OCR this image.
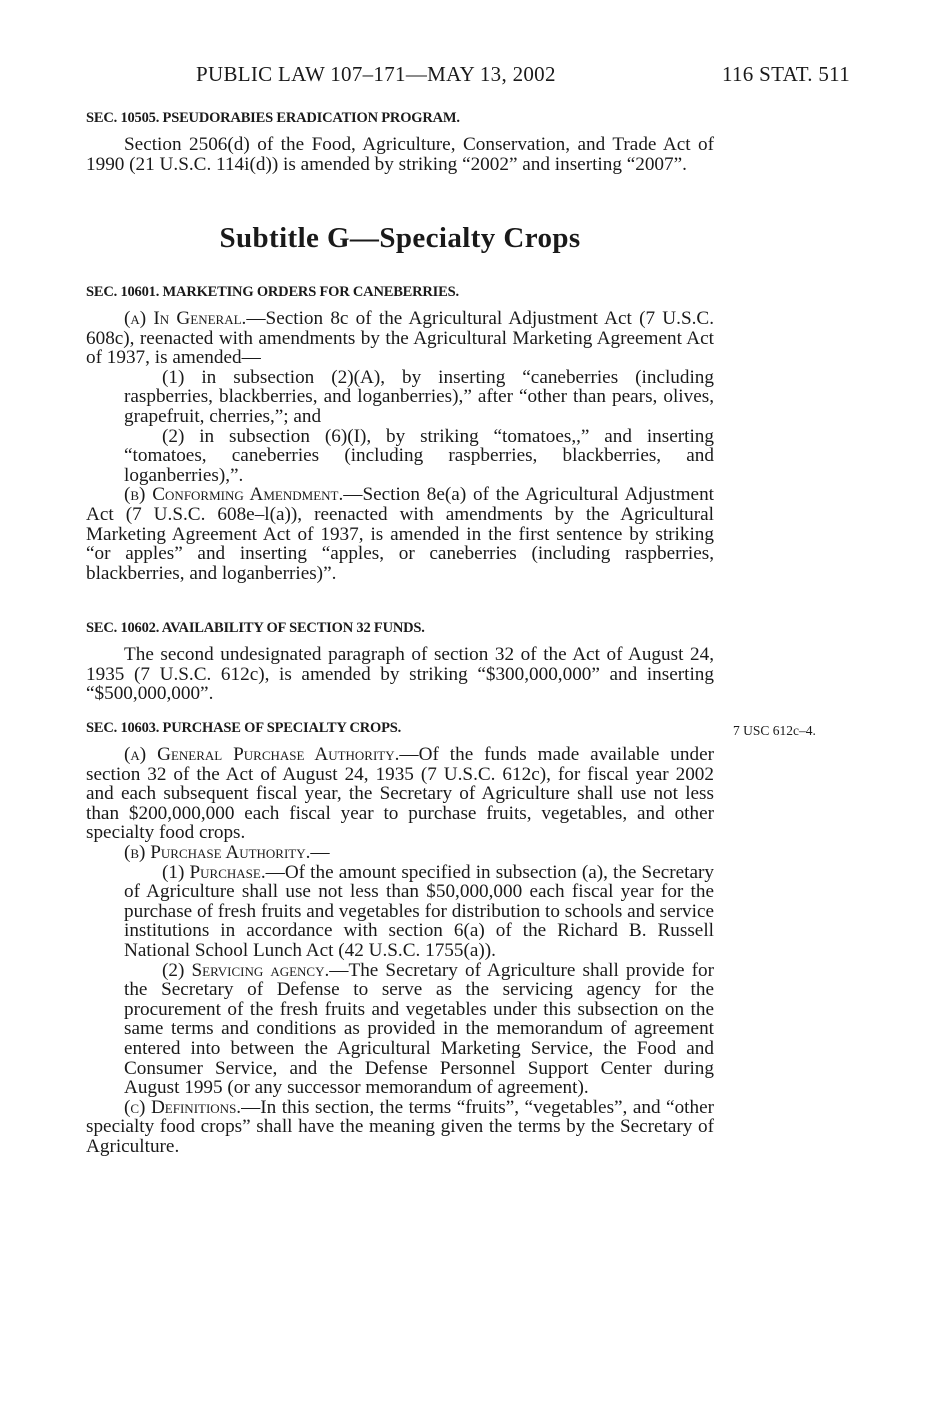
PUBLIC LAW 107–171—MAY 13, 2002	116 STAT. 511

SEC. 10505. PSEUDORABIES ERADICATION PROGRAM.

Section 2506(d) of the Food, Agriculture, Conservation, and Trade Act of 1990 (21 U.S.C. 114i(d)) is amended by striking “2002” and inserting “2007”.

Subtitle G—Specialty Crops

SEC. 10601. MARKETING ORDERS FOR CANEBERRIES.

(a) In General.—Section 8c of the Agricultural Adjustment Act (7 U.S.C. 608c), reenacted with amendments by the Agricultural Marketing Agreement Act of 1937, is amended—

(1) in subsection (2)(A), by inserting “caneberries (including raspberries, blackberries, and loganberries),” after “other than pears, olives, grapefruit, cherries,”; and

(2) in subsection (6)(I), by striking “tomatoes,,” and inserting “tomatoes, caneberries (including raspberries, blackberries, and loganberries),”.

(b) Conforming Amendment.—Section 8e(a) of the Agricultural Adjustment Act (7 U.S.C. 608e–l(a)), reenacted with amendments by the Agricultural Marketing Agreement Act of 1937, is amended in the first sentence by striking “or apples” and inserting “apples, or caneberries (including raspberries, blackberries, and loganberries)”.

SEC. 10602. AVAILABILITY OF SECTION 32 FUNDS.

The second undesignated paragraph of section 32 of the Act of August 24, 1935 (7 U.S.C. 612c), is amended by striking “$300,000,000” and inserting “$500,000,000”.

7 USC 612c–4.

SEC. 10603. PURCHASE OF SPECIALTY CROPS.

(a) General Purchase Authority.—Of the funds made available under section 32 of the Act of August 24, 1935 (7 U.S.C. 612c), for fiscal year 2002 and each subsequent fiscal year, the Secretary of Agriculture shall use not less than $200,000,000 each fiscal year to purchase fruits, vegetables, and other specialty food crops.

(b) Purchase Authority.—

(1) Purchase.—Of the amount specified in subsection (a), the Secretary of Agriculture shall use not less than $50,000,000 each fiscal year for the purchase of fresh fruits and vegetables for distribution to schools and service institutions in accordance with section 6(a) of the Richard B. Russell National School Lunch Act (42 U.S.C. 1755(a)).

(2) Servicing agency.—The Secretary of Agriculture shall provide for the Secretary of Defense to serve as the servicing agency for the procurement of the fresh fruits and vegetables under this subsection on the same terms and conditions as provided in the memorandum of agreement entered into between the Agricultural Marketing Service, the Food and Consumer Service, and the Defense Personnel Support Center during August 1995 (or any successor memorandum of agreement).

(c) Definitions.—In this section, the terms “fruits”, “vegetables”, and “other specialty food crops” shall have the meaning given the terms by the Secretary of Agriculture.
